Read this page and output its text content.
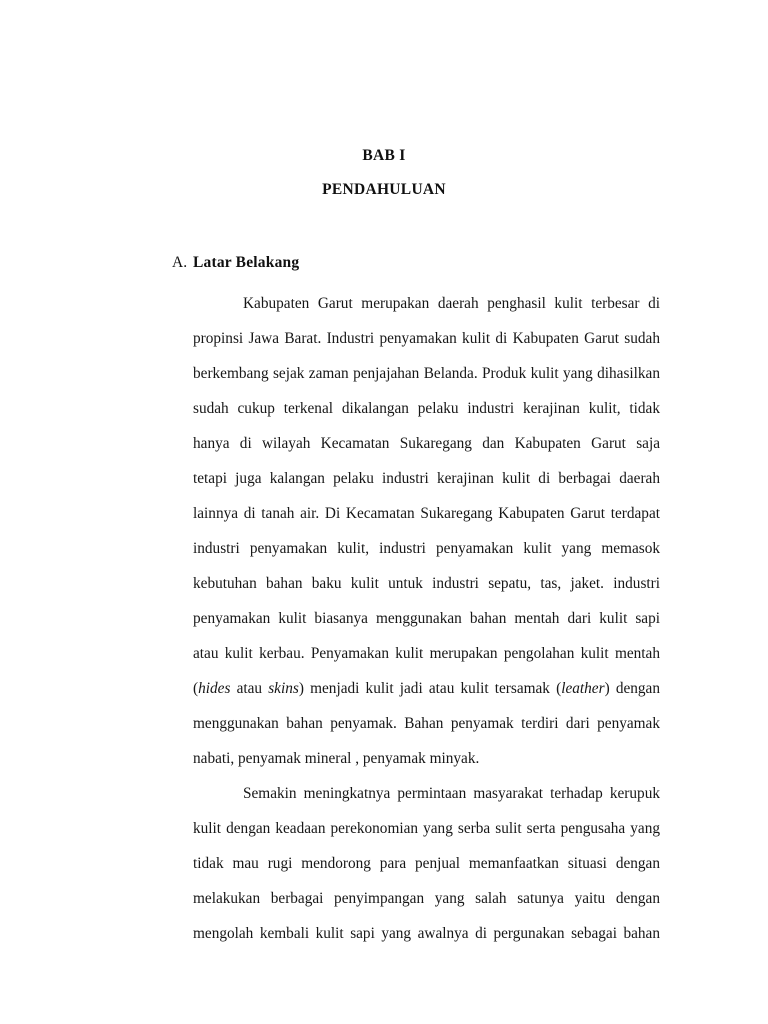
BAB I
PENDAHULUAN
A. Latar Belakang
Kabupaten Garut merupakan daerah penghasil kulit terbesar di
propinsi Jawa Barat. Industri penyamakan kulit di Kabupaten Garut sudah
berkembang sejak zaman penjajahan Belanda. Produk kulit yang dihasilkan
sudah cukup terkenal dikalangan pelaku industri kerajinan kulit, tidak
hanya di wilayah Kecamatan Sukaregang dan Kabupaten Garut saja
tetapi juga kalangan pelaku industri kerajinan kulit di berbagai daerah
lainnya di tanah air. Di Kecamatan Sukaregang Kabupaten Garut terdapat
industri penyamakan kulit, industri penyamakan kulit yang memasok
kebutuhan bahan baku kulit untuk industri sepatu, tas, jaket. industri
penyamakan kulit biasanya menggunakan bahan mentah dari kulit sapi
atau kulit kerbau. Penyamakan kulit merupakan pengolahan kulit mentah
(hides atau skins) menjadi kulit jadi atau kulit tersamak (leather) dengan
menggunakan bahan penyamak. Bahan penyamak terdiri dari penyamak
nabati, penyamak mineral , penyamak minyak.
Semakin meningkatnya permintaan masyarakat terhadap kerupuk
kulit dengan keadaan perekonomian yang serba sulit serta pengusaha yang
tidak mau rugi mendorong para penjual memanfaatkan situasi dengan
melakukan berbagai penyimpangan yang salah satunya yaitu dengan
mengolah kembali kulit sapi yang awalnya di pergunakan sebagai bahan
